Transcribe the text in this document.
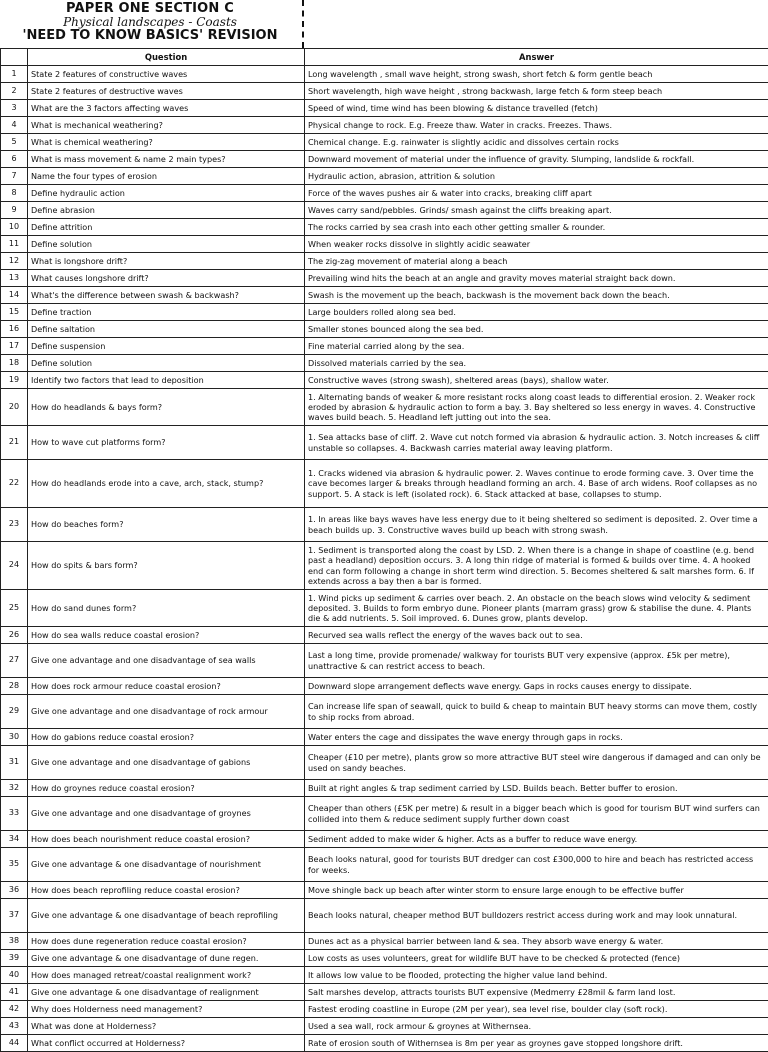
PAPER ONE SECTION C
Physical landscapes - Coasts
'NEED TO KNOW BASICS' REVISION
	Question	Answer
1	State 2 features of constructive waves	Long wavelength , small wave height, strong swash, short fetch & form gentle beach
2	State 2 features of destructive waves	Short wavelength, high wave height , strong backwash, large fetch & form steep beach
3	What are the 3 factors affecting waves	Speed of wind, time wind has been blowing & distance travelled (fetch)
4	What is mechanical weathering?	Physical change to rock. E.g. Freeze thaw. Water in cracks. Freezes. Thaws.
5	What is chemical weathering?	Chemical change. E.g. rainwater is slightly acidic and dissolves certain rocks
6	What is mass movement & name 2 main types?	Downward movement of material under the influence of gravity. Slumping, landslide & rockfall.
7	Name the four types of erosion	Hydraulic action, abrasion, attrition & solution
8	Define hydraulic action	Force of the waves pushes air & water into cracks, breaking cliff apart
9	Define abrasion	Waves carry sand/pebbles. Grinds/ smash against the cliffs breaking apart.
10	Define attrition	The rocks carried by sea crash into each other getting smaller & rounder.
11	Define solution	When weaker rocks dissolve in slightly acidic seawater
12	What is longshore drift?	The zig-zag movement of material along a beach
13	What causes longshore drift?	Prevailing wind hits the beach at an angle and gravity moves material straight back down.
14	What's the difference between swash & backwash?	Swash is the movement up the beach, backwash is the movement back down the beach.
15	Define traction	Large boulders rolled along sea bed.
16	Define saltation	Smaller stones bounced along the sea bed.
17	Define suspension	Fine material carried along by the sea.
18	Define solution	Dissolved materials carried by the sea.
19	Identify two factors that lead to deposition	Constructive waves (strong swash), sheltered areas (bays), shallow water.
20	How do headlands & bays form?	1. Alternating bands of weaker & more resistant rocks along coast leads to differential erosion. 2. Weaker rock eroded by abrasion & hydraulic action to form a bay. 3. Bay sheltered so less energy in waves. 4. Constructive waves build beach. 5. Headland left jutting out into the sea.
21	How to wave cut platforms form?	1. Sea attacks base of cliff. 2. Wave cut notch formed via abrasion & hydraulic action. 3. Notch increases & cliff unstable so collapses. 4. Backwash carries material away leaving platform.
22	How do headlands erode into a cave, arch, stack, stump?	1. Cracks widened via abrasion & hydraulic power. 2. Waves continue to erode forming cave. 3. Over time the cave becomes larger & breaks through headland forming an arch. 4. Base of arch widens. Roof collapses as no support. 5. A stack is left (isolated rock). 6. Stack attacked at base, collapses to stump.
23	How do beaches form?	1. In areas like bays waves have less energy due to it being sheltered so sediment is deposited. 2. Over time a beach builds up. 3. Constructive waves build up beach with strong swash.
24	How do spits & bars form?	1. Sediment is transported along the coast by LSD. 2. When there is a change in shape of coastline (e.g. bend past a headland) deposition occurs. 3. A long thin ridge of material is formed & builds over time. 4. A hooked end can form following a change in short term wind direction. 5. Becomes sheltered & salt marshes form. 6. If extends across a bay then a bar is formed.
25	How do sand dunes form?	1. Wind picks up sediment & carries over beach. 2. An obstacle on the beach slows wind velocity & sediment deposited. 3. Builds to form embryo dune. Pioneer plants (marram grass) grow & stabilise the dune. 4. Plants die & add nutrients. 5. Soil improved. 6. Dunes grow, plants develop.
26	How do sea walls reduce coastal erosion?	Recurved sea walls reflect the energy of the waves back out to sea.
27	Give one advantage and one disadvantage of sea walls	Last a long time, provide promenade/ walkway for tourists BUT very expensive (approx. £5k per metre), unattractive & can restrict access to beach.
28	How does rock armour reduce coastal erosion?	Downward slope arrangement deflects wave energy. Gaps in rocks causes energy to dissipate.
29	Give one advantage and one disadvantage of rock armour	Can increase life span of seawall, quick to build & cheap to maintain BUT heavy storms can move them, costly to ship rocks from abroad.
30	How do gabions reduce coastal erosion?	Water enters the cage and dissipates the wave energy through gaps in rocks.
31	Give one advantage and one disadvantage of gabions	Cheaper (£10 per metre), plants grow so more attractive BUT steel wire dangerous if damaged and can only be used on sandy beaches.
32	How do groynes reduce coastal erosion?	Built at right angles & trap sediment carried by LSD. Builds beach. Better buffer to erosion.
33	Give one advantage and one disadvantage of groynes	Cheaper than others (£5K per metre) & result in a bigger beach which is good for tourism BUT wind surfers can collided into them & reduce sediment supply further down coast
34	How does beach nourishment reduce coastal erosion?	Sediment added to make wider & higher. Acts as a buffer to reduce wave energy.
35	Give one advantage & one disadvantage of nourishment	Beach looks natural, good for tourists BUT dredger can cost £300,000 to hire and beach has restricted access for weeks.
36	How does beach reprofiling reduce coastal erosion?	Move shingle back up beach after winter storm to ensure large enough to be effective buffer
37	Give one advantage & one disadvantage of beach reprofiling	Beach looks natural, cheaper method BUT bulldozers restrict access during work and may look unnatural.
38	How does dune regeneration reduce coastal erosion?	Dunes act as a physical barrier between land & sea. They absorb wave energy & water.
39	Give one advantage & one disadvantage of dune regen.	Low costs as uses volunteers, great for wildlife BUT have to be checked & protected (fence)
40	How does managed retreat/coastal realignment work?	It allows low value to be flooded, protecting the higher value land behind.
41	Give one advantage & one disadvantage of realignment	Salt marshes develop, attracts tourists BUT expensive (Medmerry £28mil & farm land lost.
42	Why does Holderness need management?	Fastest eroding coastline in Europe (2M per year), sea level rise, boulder clay (soft rock).
43	What was done at Holderness?	Used a sea wall, rock armour & groynes at Withernsea.
44	What conflict occurred at Holderness?	Rate of erosion south of Withernsea is 8m per year as groynes gave stopped longshore drift.
